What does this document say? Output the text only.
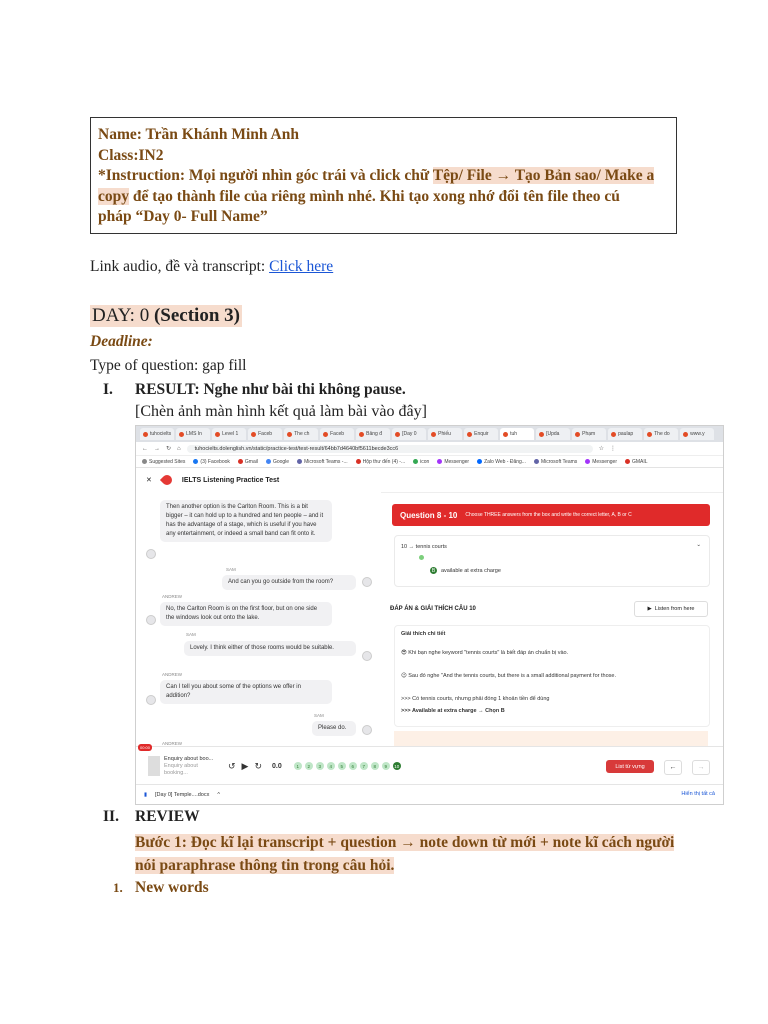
Name: Trần Khánh Minh Anh
Class:IN2
*Instruction: Mọi người nhìn góc trái và click chữ Tệp/ File → Tạo Bản sao/ Make a
copy để tạo thành file của riêng mình nhé. Khi tạo xong nhớ đổi tên file theo cú
pháp “Day 0- Full Name”
Link audio, đề và transcript: Click here
DAY: 0 (Section 3)
Deadline:
Type of question: gap fill
I. RESULT: Nghe như bài thi không pause.
[Chèn ảnh màn hình kết quả làm bài vào đây]
tuhocielts	LMS In	Level 1	Faceb	The ch	Faceb	Bảng đ	[Day 0	Phiếu	Enquir	tuh	[Upda	Phạm	paulap	The do	www.y
← → ↻ ⌂	tuhocielts.dolenglish.vn/static/practice-test/test-result/64bb7d4640bf5611becde3cc6	☆ ⋮
Suggested Sites	(3) Facebook	Gmail	Google	Microsoft Teams -...	Hộp thư đến (4) -...	icon	Messenger	Zalo Web - Đăng...	Microsoft Teams	Messenger	GMAIL
✕	IELTS Listening Practice Test
Then another option is the Carlton Room. This is a bit bigger – it can hold up to a hundred and ten people – and it has the advantage of a stage, which is useful if you have any entertainment, or indeed a small band can fit onto it.
SAM
And can you go outside from the room?
ANDREW
No, the Carlton Room is on the first floor, but on one side the windows look out onto the lake.
SAM
Lovely. I think either of those rooms would be suitable.
ANDREW
Can I tell you about some of the options we offer in addition?
SAM
Please do.
ANDREW
Question 8 - 10 Choose THREE answers from the box and write the correct letter, A, B or C
10 → tennis courts	⌄
B	available at extra charge
ĐÁP ÁN & GIẢI THÍCH CÂU 10	▶ Listen from here
Giải thích chi tiết
😎 Khi bạn nghe keyword "tennis courts" là biết đáp án chuẩn bị vào.
😉 Sau đó nghe "And the tennis courts, but there is a small additional payment for those.
>>> Có tennis courts, nhưng phải đóng 1 khoản tiền để dùng
>>> Available at extra charge → Chọn B
Enquiry about boo...
Enquiry about booking...
↺ ▶ ↻ 0.0	1	2	3	4	5	6	7	8	9	10	List từ vựng	←	→
00:00
▮ [Day 0] Temple....docx ^	Hiển thị tất cả
II. REVIEW
Bước 1: Đọc kĩ lại transcript + question → note down từ mới + note kĩ cách người nói paraphrase thông tin trong câu hỏi.
1. New words
